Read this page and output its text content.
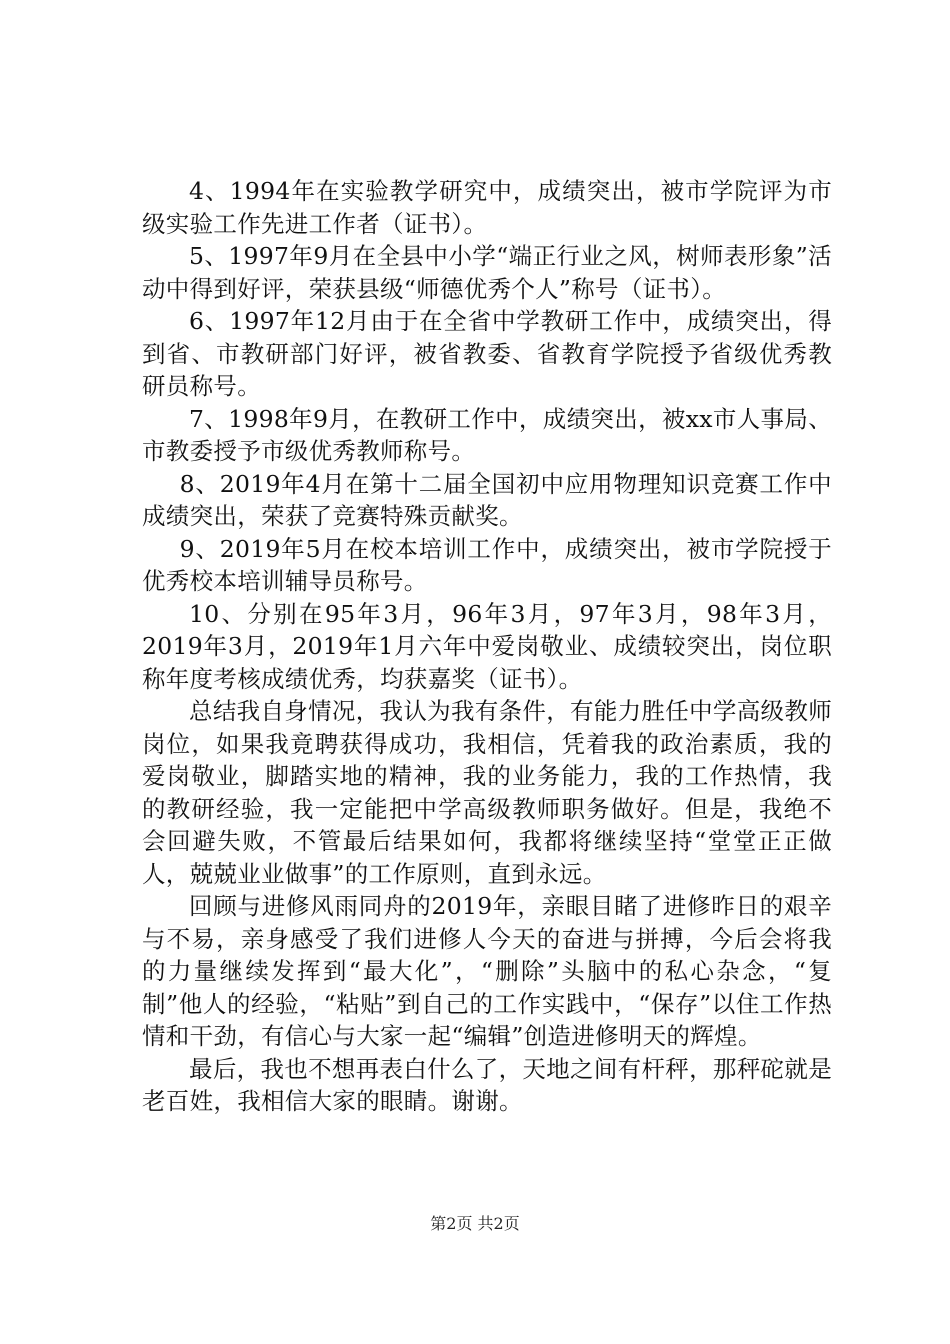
4、1994年在实验教学研究中，成绩突出，被市学院评为市级实验工作先进工作者（证书）。

5、1997年9月在全县中小学“端正行业之风，树师表形象”活动中得到好评，荣获县级“师德优秀个人”称号（证书）。

6、1997年12月由于在全省中学教研工作中，成绩突出，得到省、市教研部门好评，被省教委、省教育学院授予省级优秀教研员称号。

7、1998年9月，在教研工作中，成绩突出，被xx市人事局、市教委授予市级优秀教师称号。

8、2019年4月在第十二届全国初中应用物理知识竞赛工作中成绩突出，荣获了竞赛特殊贡献奖。

9、2019年5月在校本培训工作中，成绩突出，被市学院授于优秀校本培训辅导员称号。

10、分别在95年3月，96年3月，97年3月，98年3月，2019年3月，2019年1月六年中爱岗敬业、成绩较突出，岗位职称年度考核成绩优秀，均获嘉奖（证书）。

总结我自身情况，我认为我有条件，有能力胜任中学高级教师岗位，如果我竟聘获得成功，我相信，凭着我的政治素质，我的爱岗敬业，脚踏实地的精神，我的业务能力，我的工作热情，我的教研经验，我一定能把中学高级教师职务做好。但是，我绝不会回避失败，不管最后结果如何，我都将继续坚持“堂堂正正做人，兢兢业业做事”的工作原则，直到永远。

回顾与进修风雨同舟的2019年，亲眼目睹了进修昨日的艰辛与不易，亲身感受了我们进修人今天的奋进与拼搏，今后会将我的力量继续发挥到“最大化”，“删除”头脑中的私心杂念，“复制”他人的经验，“粘贴”到自己的工作实践中，“保存”以住工作热情和干劲，有信心与大家一起“编辑”创造进修明天的辉煌。

最后，我也不想再表白什么了，天地之间有杆秤，那秤砣就是老百姓，我相信大家的眼睛。谢谢。

第2页 共2页
